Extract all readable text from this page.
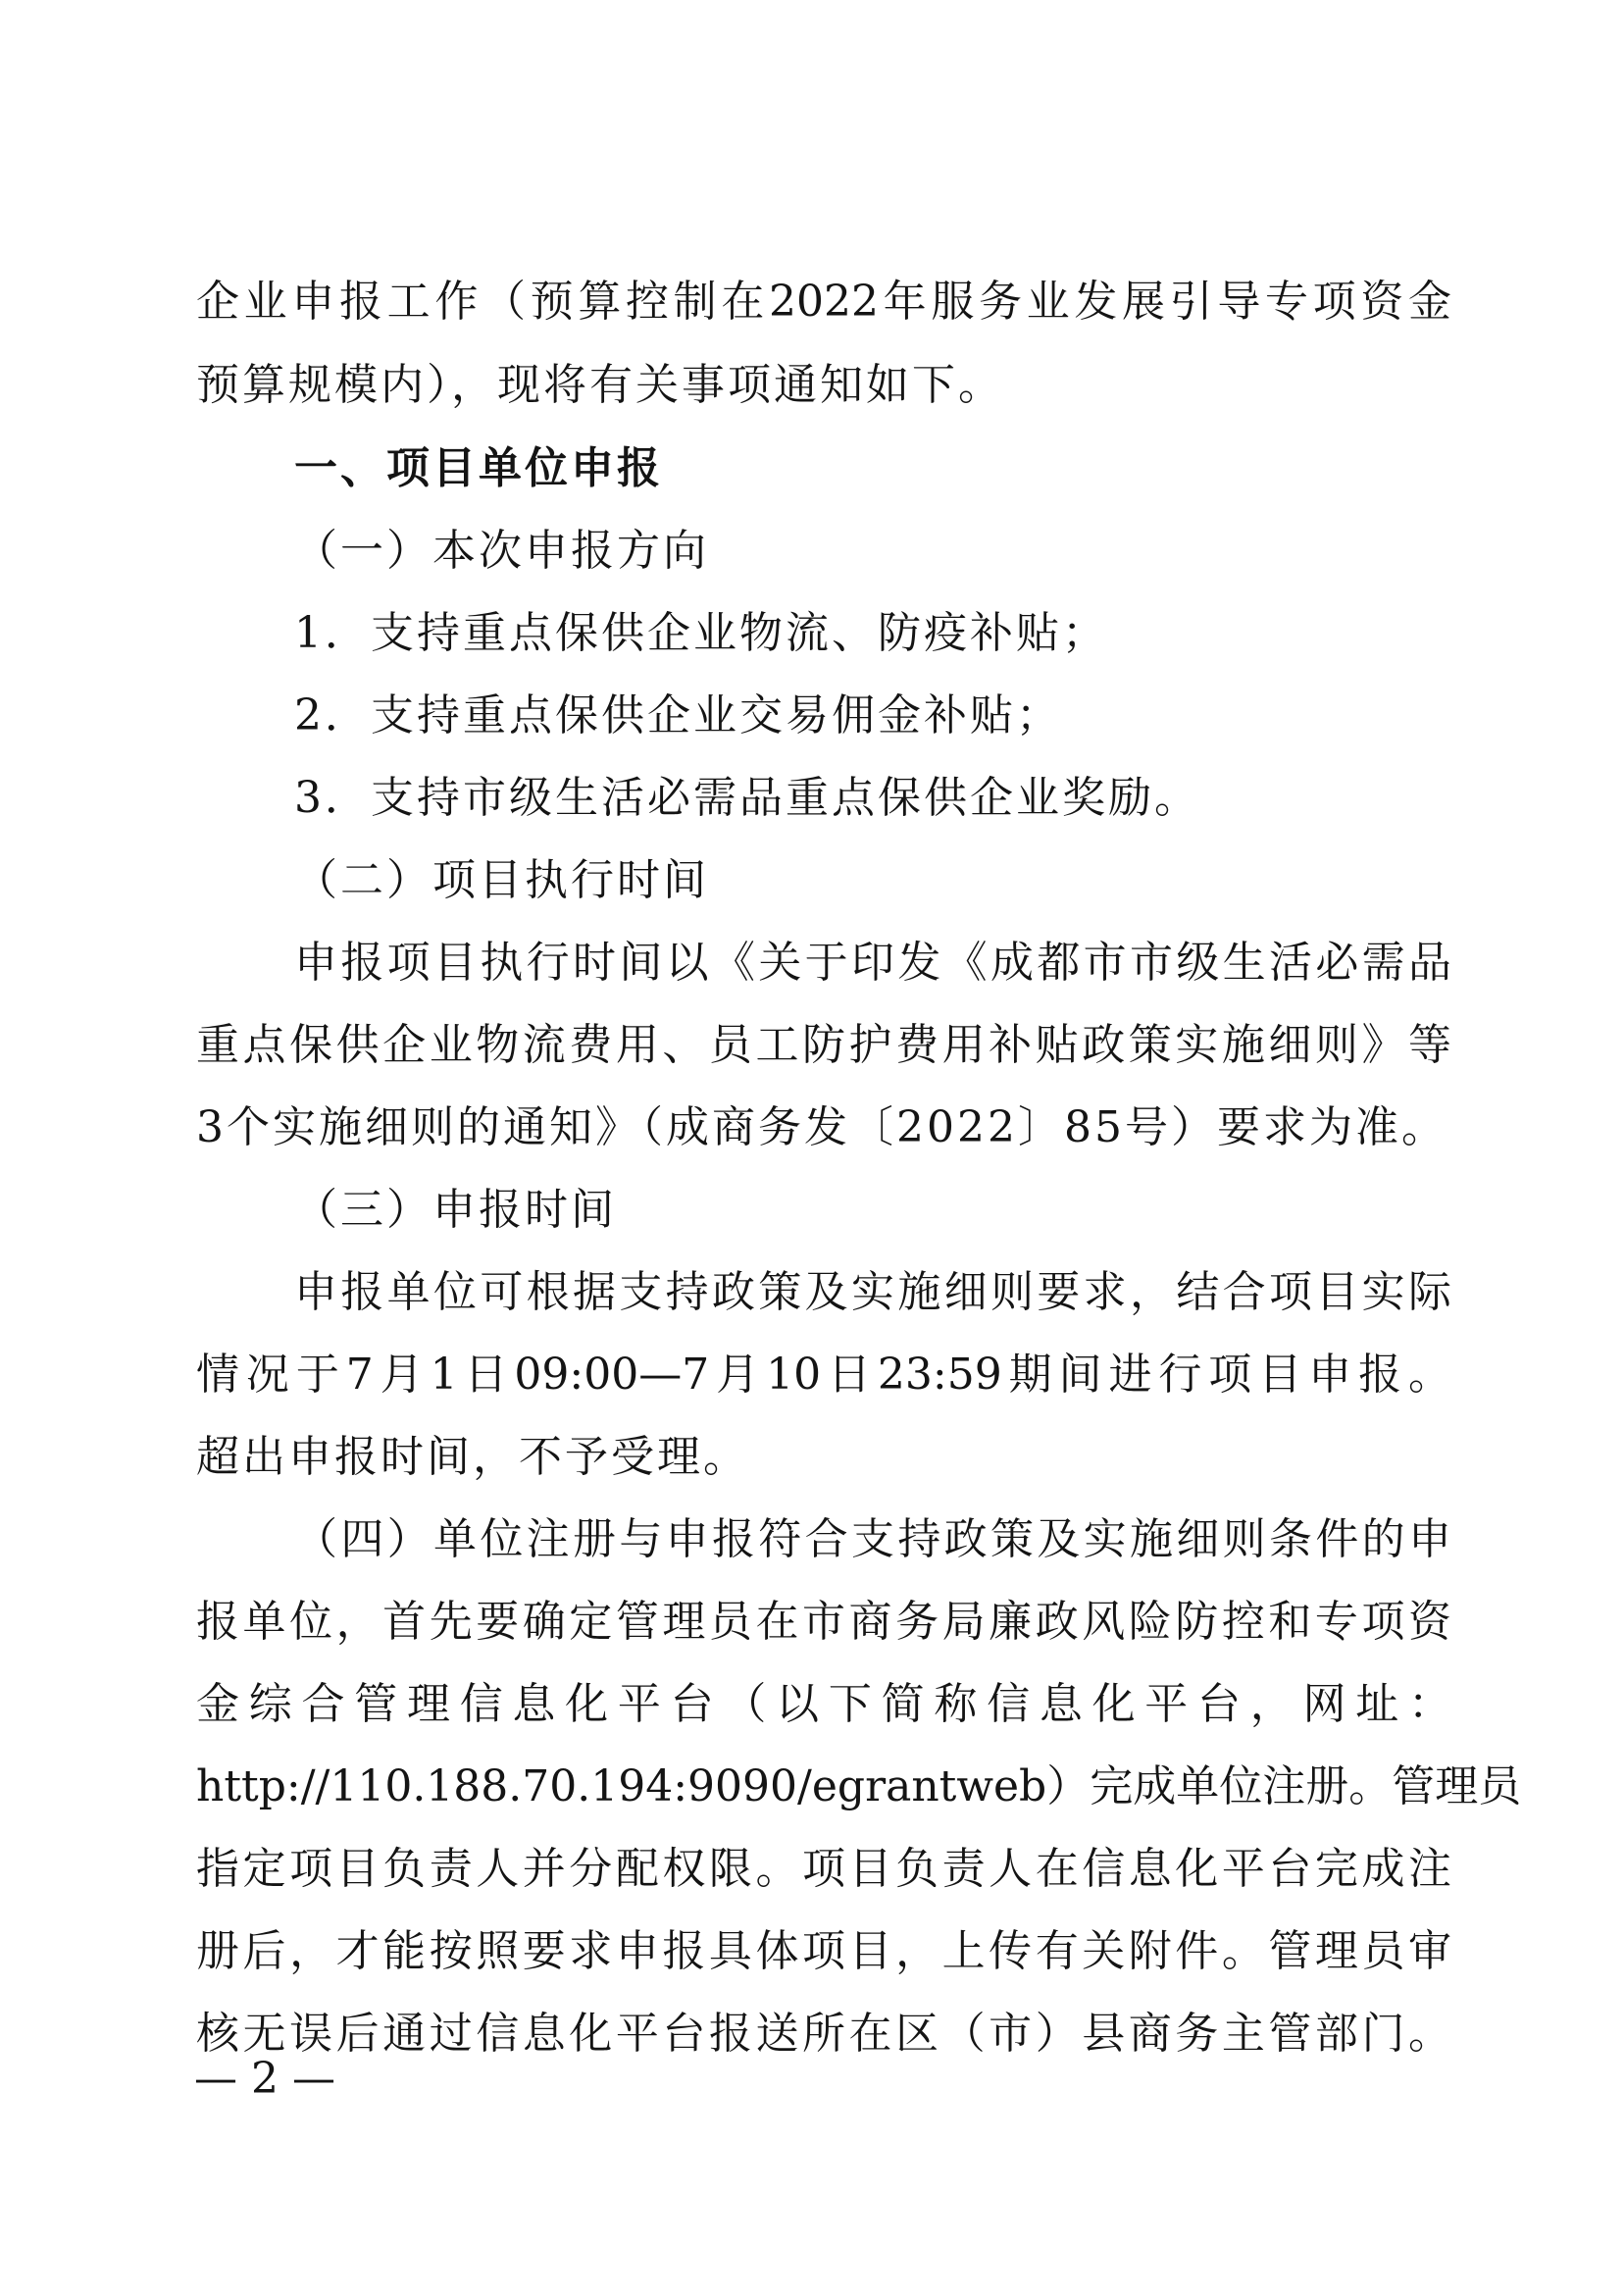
企业申报工作（预算控制在2022年服务业发展引导专项资金
预算规模内），现将有关事项通知如下。
一、项目单位申报
（一）本次申报方向
1．支持重点保供企业物流、防疫补贴；
2．支持重点保供企业交易佣金补贴；
3．支持市级生活必需品重点保供企业奖励。
（二）项目执行时间
申报项目执行时间以《关于印发《成都市市级生活必需品
重点保供企业物流费用、员工防护费用补贴政策实施细则》等
3个实施细则的通知》（成商务发〔2022〕85号）要求为准。
（三）申报时间
申报单位可根据支持政策及实施细则要求，结合项目实际
情况于7月1日09:00—7月10日23:59期间进行项目申报。
超出申报时间，不予受理。
（四）单位注册与申报符合支持政策及实施细则条件的申
报单位，首先要确定管理员在市商务局廉政风险防控和专项资
金综合管理信息化平台（以下简称信息化平台，网址：
http://110.188.70.194:9090/egrantweb）完成单位注册。管理员
指定项目负责人并分配权限。项目负责人在信息化平台完成注
册后，才能按照要求申报具体项目，上传有关附件。管理员审
核无误后通过信息化平台报送所在区（市）县商务主管部门。
— 2 —
